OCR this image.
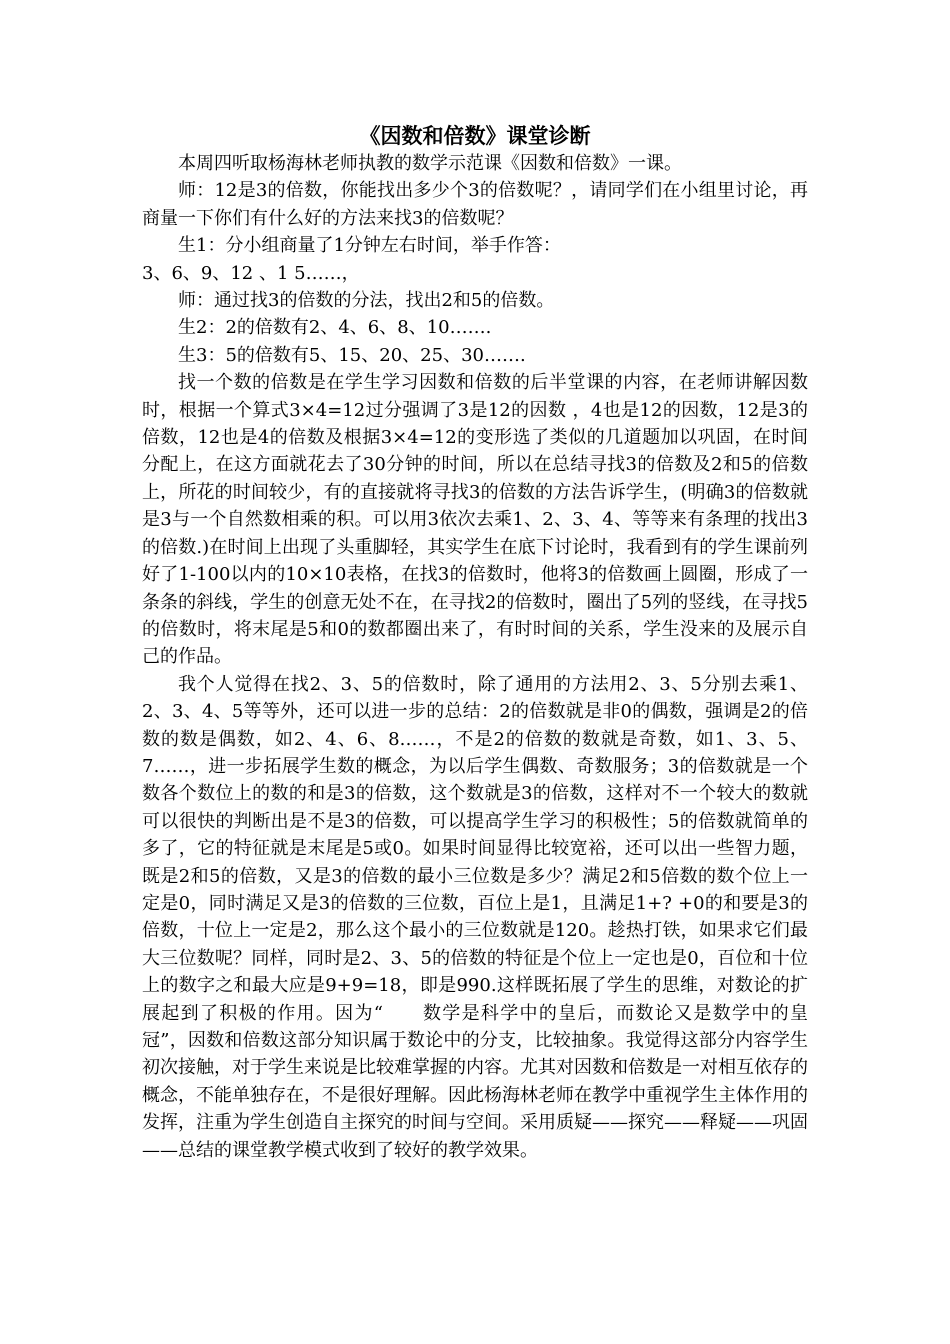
《因数和倍数》课堂诊断

本周四听取杨海林老师执教的数学示范课《因数和倍数》一课。

师：12是3的倍数，你能找出多少个3的倍数呢？，请同学们在小组里讨论，再商量一下你们有什么好的方法来找3的倍数呢？

生1：分小组商量了1分钟左右时间，举手作答：

3、6、9、12 、1 5……，

师：通过找3的倍数的分法，找出2和5的倍数。

生2：2的倍数有2、4、6、8、10…….

生3：5的倍数有5、15、20、25、30…….

找一个数的倍数是在学生学习因数和倍数的后半堂课的内容，在老师讲解因数时，根据一个算式3×4=12过分强调了3是12的因数 ，4也是12的因数，12是3的倍数，12也是4的倍数及根据3×4=12的变形选了类似的几道题加以巩固，在时间分配上，在这方面就花去了30分钟的时间，所以在总结寻找3的倍数及2和5的倍数上，所花的时间较少，有的直接就将寻找3的倍数的方法告诉学生，(明确3的倍数就是3与一个自然数相乘的积。可以用3依次去乘1、2、3、4、等等来有条理的找出3的倍数.)在时间上出现了头重脚轻，其实学生在底下讨论时，我看到有的学生课前列好了1-100以内的10×10表格，在找3的倍数时，他将3的倍数画上圆圈，形成了一条条的斜线，学生的创意无处不在，在寻找2的倍数时，圈出了5列的竖线，在寻找5的倍数时，将末尾是5和0的数都圈出来了，有时时间的关系，学生没来的及展示自己的作品。

我个人觉得在找2、3、5的倍数时，除了通用的方法用2、3、5分别去乘1、2、3、4、5等等外，还可以进一步的总结：2的倍数就是非0的偶数，强调是2的倍数的数是偶数，如2、4、6、8……，不是2的倍数的数就是奇数，如1、3、5、7……，进一步拓展学生数的概念，为以后学生偶数、奇数服务；3的倍数就是一个数各个数位上的数的和是3的倍数，这个数就是3的倍数，这样对不一个较大的数就可以很快的判断出是不是3的倍数，可以提高学生学习的积极性；5的倍数就简单的多了，它的特征就是末尾是5或0。如果时间显得比较宽裕，还可以出一些智力题，既是2和5的倍数，又是3的倍数的最小三位数是多少？满足2和5倍数的数个位上一定是0，同时满足又是3的倍数的三位数，百位上是1，且满足1+? +0的和要是3的倍数，十位上一定是2，那么这个最小的三位数就是120。趁热打铁，如果求它们最大三位数呢？同样，同时是2、3、5的倍数的特征是个位上一定也是0，百位和十位上的数字之和最大应是9+9=18，即是990.这样既拓展了学生的思维，对数论的扩展起到了积极的作用。因为“　　数学是科学中的皇后，而数论又是数学中的皇冠”，因数和倍数这部分知识属于数论中的分支，比较抽象。我觉得这部分内容学生初次接触，对于学生来说是比较难掌握的内容。尤其对因数和倍数是一对相互依存的概念，不能单独存在，不是很好理解。因此杨海林老师在教学中重视学生主体作用的发挥，注重为学生创造自主探究的时间与空间。采用质疑——探究——释疑——巩固——总结的课堂教学模式收到了较好的教学效果。
